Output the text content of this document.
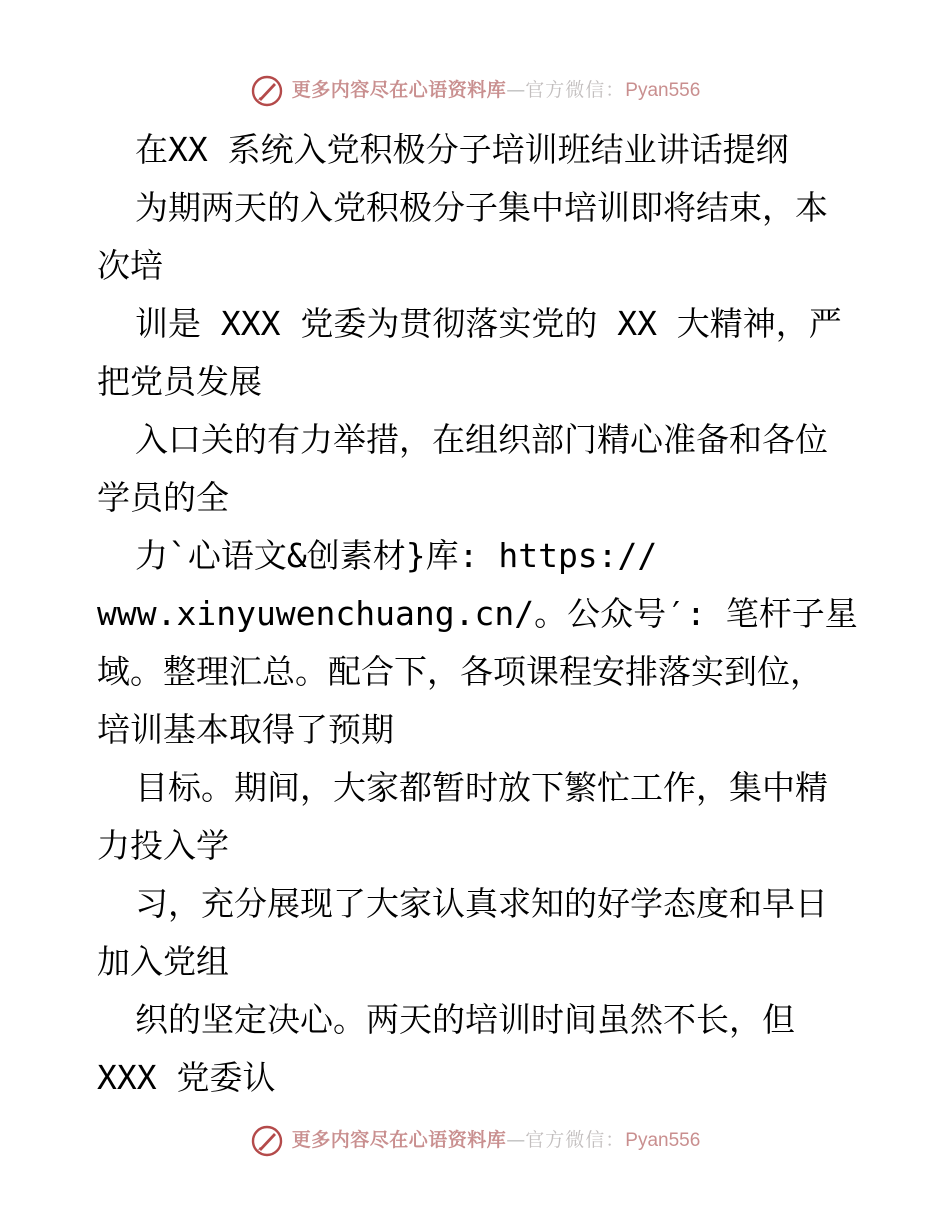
更多内容尽在心语资料库—官方微信：Pyan556
在XX 系统入党积极分子培训班结业讲话提纲
为期两天的入党积极分子集中培训即将结束，本
次培
训是 XXX 党委为贯彻落实党的 XX 大精神，严
把党员发展
入口关的有力举措，在组织部门精心准备和各位
学员的全
力`心语文&创素材}库: https://
www.xinyuwenchuang.cn/。公众号′: 笔杆子星
域。整理汇总。配合下，各项课程安排落实到位，
培训基本取得了预期
目标。期间，大家都暂时放下繁忙工作，集中精
力投入学
习，充分展现了大家认真求知的好学态度和早日
加入党组
织的坚定决心。两天的培训时间虽然不长，但
XXX 党委认
更多内容尽在心语资料库—官方微信：Pyan556
